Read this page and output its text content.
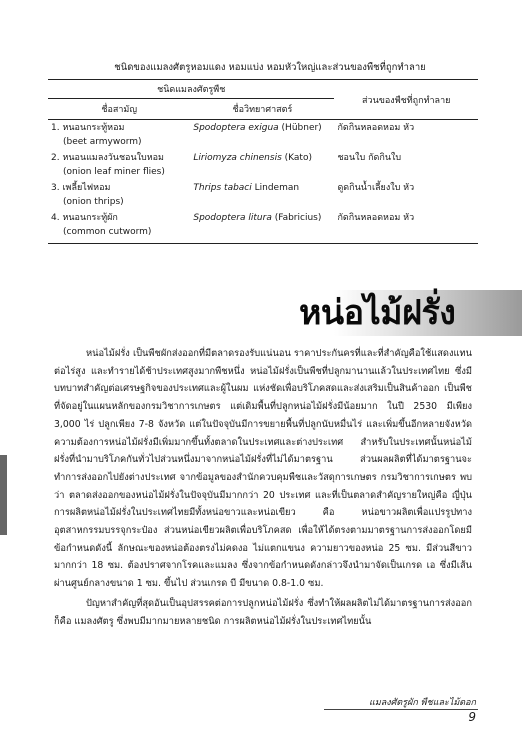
ชนิดของแมลงศัตรูหอมแดง หอมแบ่ง หอมหัวใหญ่และส่วนของพืชที่ถูกทำลาย
ชนิดแมลงศัตรูพืช		ส่วนของพืชที่ถูกทำลาย
ชื่อสามัญ	ชื่อวิทยาศาสตร์	
1. หนอนกระทู้หอม
(beet armyworm)	Spodoptera exigua (Hübner)	กัดกินหลอดหอม หัว
2. หนอนแมลงวันชอนใบหอม
(onion leaf miner flies)	Liriomyza chinensis (Kato)	ชอนใบ กัดกินใบ
3. เพลี้ยไฟหอม
(onion thrips)	Thrips tabaci Lindeman	ดูดกินน้ำเลี้ยงใบ หัว
4. หนอนกระทู้ผัก
(common cutworm)	Spodoptera litura (Fabricius)	กัดกินหลอดหอม หัว
หน่อไม้ฝรั่ง

หน่อไม้ฝรั่ง เป็นพืชผักส่งออกที่มีตลาดรองรับแน่นอน ราคาประกันครที่และที่สำคัญคือใช้แสดงแทนต่อไร่สูง และทำรายได้ช้าประเทศสูงมากพืชหนึ่ง หน่อไม้ฝรั่งเป็นพืชที่ปลูกมานานแล้วในประเทศไทย ซึ่งมีบทบาทสำคัญต่อเศรษฐกิจของประเทศและผู้ในผม แห่งชัดเพื่อบริโภคสดและส่งเสริมเป็นสินค้าออก เป็นพืชที่จัดอยู่ในแผนหลักของกรมวิชาการเกษตร แต่เดิมพื้นที่ปลูกหน่อไม้ฝรั่งมีน้อยมาก ในปี 2530 มีเพียง 3,000 ไร่ ปลูกเพียง 7-8 จังหวัด แต่ในปัจจุบันมีการขยายพื้นที่ปลูกนับหมื่นไร่ และเพิ่มขึ้นอีกหลายจังหวัด ความต้องการหน่อไม้ฝรั่งมีเพิ่มมากขึ้นทั้งตลาดในประเทศและต่างประเทศ สำหรับในประเทศนั้นหน่อไม้ฝรั่งที่นำมาบริโภคกันทั่วไปส่วนหนึ่งมาจากหน่อไม้ฝรั่งที่ไม่ได้มาตรฐาน ส่วนผลผลิตที่ได้มาตรฐานจะทำการส่งออกไปยังต่างประเทศ จากข้อมูลของสำนักควบคุมพืชและวัสดุการเกษตร กรมวิชาการเกษตร พบว่า ตลาดส่งออกของหน่อไม้ฝรั่งในปัจจุบันมีมากกว่า 20 ประเทศ และที่เป็นตลาดสำคัญรายใหญ่คือ ญี่ปุ่น การผลิตหน่อไม้ฝรั่งในประเทศไทยมีทั้งหน่อขาวและหน่อเขียว คือ หน่อขาวผลิตเพื่อแปรรูปทางอุตสาหกรรมบรรจุกระป๋อง ส่วนหน่อเขียวผลิตเพื่อบริโภคสด เพื่อให้ได้ตรงตามมาตรฐานการส่งออกโดยมีข้อกำหนดดังนี้ ลักษณะของหน่อต้องตรงไม่คดงอ ไม่แตกแขนง ความยาวของหน่อ 25 ซม. มีส่วนสีขาวมากกว่า 18 ซม. ต้องปราศจากโรคและแมลง ซึ่งจากข้อกำหนดดังกล่าวจึงนำมาจัดเป็นเกรด เอ ซึ่งมีเส้นผ่านศูนย์กลางขนาด 1 ซม. ขึ้นไป ส่วนเกรด บี มีขนาด 0.8-1.0 ซม.

ปัญหาสำคัญที่สุดอันเป็นอุปสรรคต่อการปลูกหน่อไม้ฝรั่ง ซึ่งทำให้ผลผลิตไม่ได้มาตรฐานการส่งออกก็คือ แมลงศัตรู ซึ่งพบมีมากมายหลายชนิด การผลิตหน่อไม้ฝรั่งในประเทศไทยนั้น

แมลงศัตรูผัก พืชและไม้ดอก
9
